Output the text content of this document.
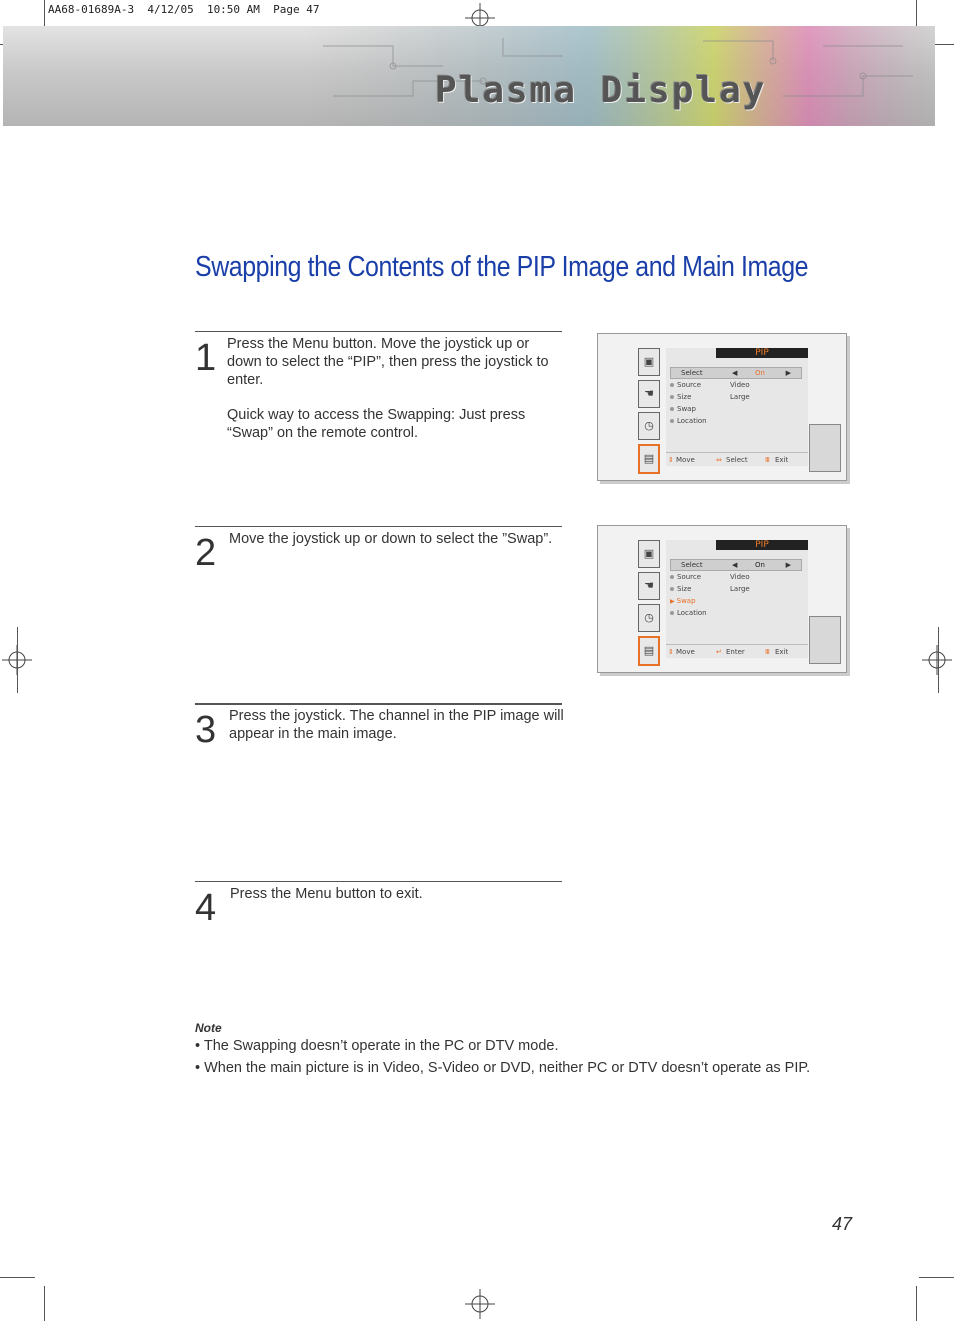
AA68-01689A-3  4/12/05  10:50 AM  Page 47
Plasma Display
Swapping the Contents of the PIP Image and Main Image
1 Press the Menu button. Move the joystick up or

down to select the “PIP”, then press the joystick to

enter.

Quick way to access the Swapping: Just press

“Swap” on the remote control.

2 Move the joystick up or down to select the ”Swap”.

3 Press the joystick. The channel in the PIP image will

appear in the main image.

4 Press the Menu button to exit.

▣
☚
◷
▤
PIP
Select	◀	On	▶
Source	Video
Size	Large
Swap
Location
⇕ Move	⇔ Select Ⅲ Exit
▣
☚
◷
▤
PIP
Select	◀	On	▶
Source	Video
Size	Large
▶ Swap
Location
⇕ Move	↵ Enter	Ⅲ Exit
Note
• The Swapping doesn’t operate in the PC or DTV mode.
• When the main picture is in Video, S-Video or DVD, neither PC or DTV doesn’t operate as PIP.
47
